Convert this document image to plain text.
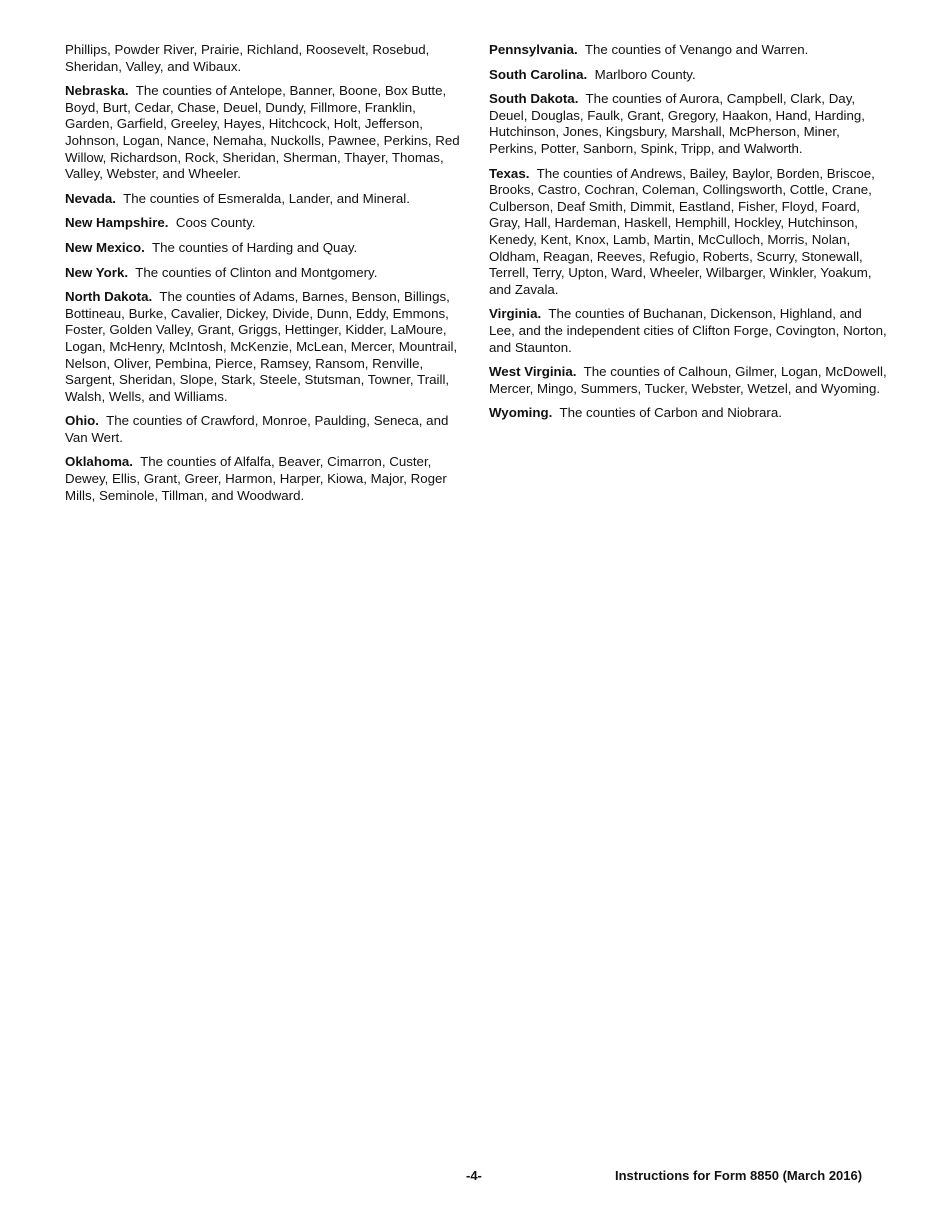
Phillips, Powder River, Prairie, Richland, Roosevelt, Rosebud, Sheridan, Valley, and Wibaux.

Nebraska. The counties of Antelope, Banner, Boone, Box Butte, Boyd, Burt, Cedar, Chase, Deuel, Dundy, Fillmore, Franklin, Garden, Garfield, Greeley, Hayes, Hitchcock, Holt, Jefferson, Johnson, Logan, Nance, Nemaha, Nuckolls, Pawnee, Perkins, Red Willow, Richardson, Rock, Sheridan, Sherman, Thayer, Thomas, Valley, Webster, and Wheeler.

Nevada. The counties of Esmeralda, Lander, and Mineral.

New Hampshire. Coos County.

New Mexico. The counties of Harding and Quay.

New York. The counties of Clinton and Montgomery.

North Dakota. The counties of Adams, Barnes, Benson, Billings, Bottineau, Burke, Cavalier, Dickey, Divide, Dunn, Eddy, Emmons, Foster, Golden Valley, Grant, Griggs, Hettinger, Kidder, LaMoure, Logan, McHenry, McIntosh, McKenzie, McLean, Mercer, Mountrail, Nelson, Oliver, Pembina, Pierce, Ramsey, Ransom, Renville, Sargent, Sheridan, Slope, Stark, Steele, Stutsman, Towner, Traill, Walsh, Wells, and Williams.

Ohio. The counties of Crawford, Monroe, Paulding, Seneca, and Van Wert.

Oklahoma. The counties of Alfalfa, Beaver, Cimarron, Custer, Dewey, Ellis, Grant, Greer, Harmon, Harper, Kiowa, Major, Roger Mills, Seminole, Tillman, and Woodward.

Pennsylvania. The counties of Venango and Warren.

South Carolina. Marlboro County.

South Dakota. The counties of Aurora, Campbell, Clark, Day, Deuel, Douglas, Faulk, Grant, Gregory, Haakon, Hand, Harding, Hutchinson, Jones, Kingsbury, Marshall, McPherson, Miner, Perkins, Potter, Sanborn, Spink, Tripp, and Walworth.

Texas. The counties of Andrews, Bailey, Baylor, Borden, Briscoe, Brooks, Castro, Cochran, Coleman, Collingsworth, Cottle, Crane, Culberson, Deaf Smith, Dimmit, Eastland, Fisher, Floyd, Foard, Gray, Hall, Hardeman, Haskell, Hemphill, Hockley, Hutchinson, Kenedy, Kent, Knox, Lamb, Martin, McCulloch, Morris, Nolan, Oldham, Reagan, Reeves, Refugio, Roberts, Scurry, Stonewall, Terrell, Terry, Upton, Ward, Wheeler, Wilbarger, Winkler, Yoakum, and Zavala.

Virginia. The counties of Buchanan, Dickenson, Highland, and Lee, and the independent cities of Clifton Forge, Covington, Norton, and Staunton.

West Virginia. The counties of Calhoun, Gilmer, Logan, McDowell, Mercer, Mingo, Summers, Tucker, Webster, Wetzel, and Wyoming.

Wyoming. The counties of Carbon and Niobrara.

-4-	Instructions for Form 8850 (March 2016)
